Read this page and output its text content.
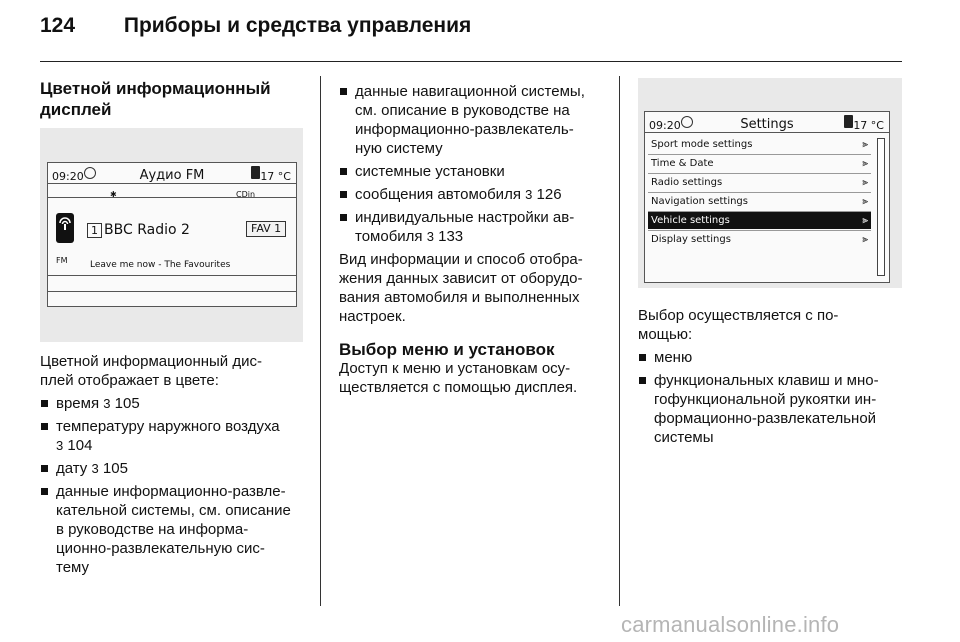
124 Приборы и средства управления
Цветной информационный
дисплей
09:20	Аудио FM	17 °C
✱	CDin
1 BBC Radio 2	FAV 1
FM Leave me now - The Favourites

Цветной информационный дис-
плей отображает в цвете:

время 3 105
температуру наружного воздуха
3 104
дату 3 105
данные информационно-развле-
кательной системы, см. описание
в руководстве на информа-
ционно-развлекательную сис-
тему
данные навигационной системы,
см. описание в руководстве на
информационно-развлекатель-
ную систему
системные установки
сообщения автомобиля 3 126
индивидуальные настройки ав-
томобиля 3 133

Вид информации и способ отобра-
жения данных зависит от оборудо-
вания автомобиля и выполненных
настроек.

Выбор меню и установок

Доступ к меню и установкам осу-
ществляется с помощью дисплея.

09:20	Settings	17 °C
Sport mode settings	⫸
Time & Date	⫸
Radio settings	⫸
Navigation settings	⫸
Vehicle settings	⫸
Display settings	⫸

Выбор осуществляется с по-
мощью:

меню
функциональных клавиш и мно-
гофункциональной рукоятки ин-
формационно-развлекательной
системы
carmanualsonline.info
